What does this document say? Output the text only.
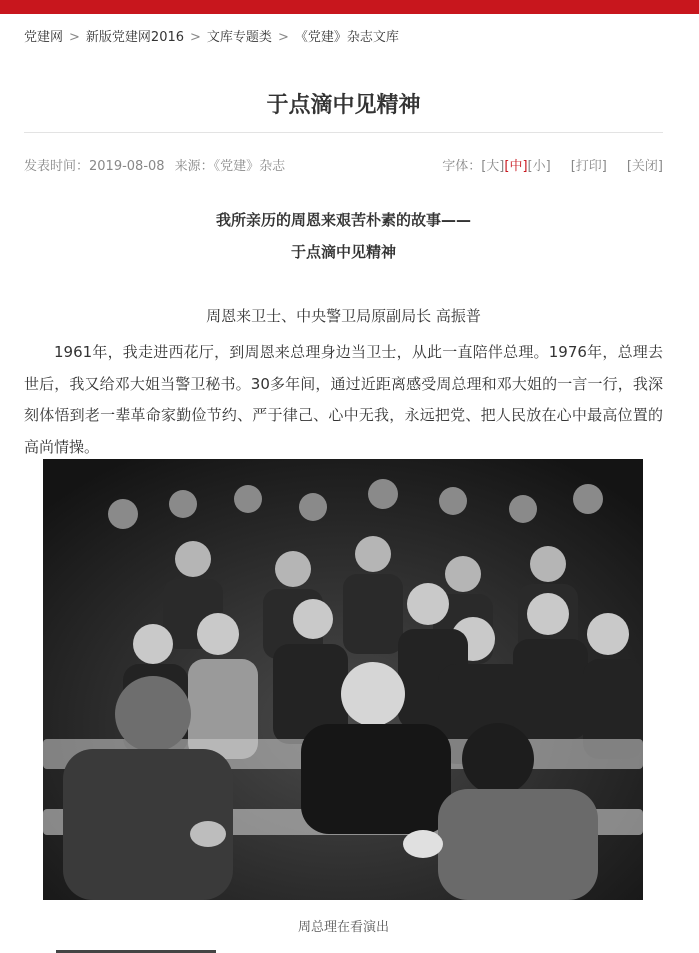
党建网 > 新版党建网2016 > 文库专题类 > 《党建》杂志文库
于点滴中见精神
发表时间：2019-08-08 来源：《党建》杂志	字体：[大][中][小] [打印] [关闭]
我所亲历的周恩来艰苦朴素的故事——
于点滴中见精神
周恩来卫士、中央警卫局原副局长 高振普

1961年，我走进西花厅，到周恩来总理身边当卫士，从此一直陪伴总理。1976年，总理去世后，我又给邓大姐当警卫秘书。30多年间，通过近距离感受周总理和邓大姐的一言一行，我深刻体悟到老一辈革命家勤俭节约、严于律己、心中无我，永远把党、把人民放在心中最高位置的高尚情操。

周总理在看演出
